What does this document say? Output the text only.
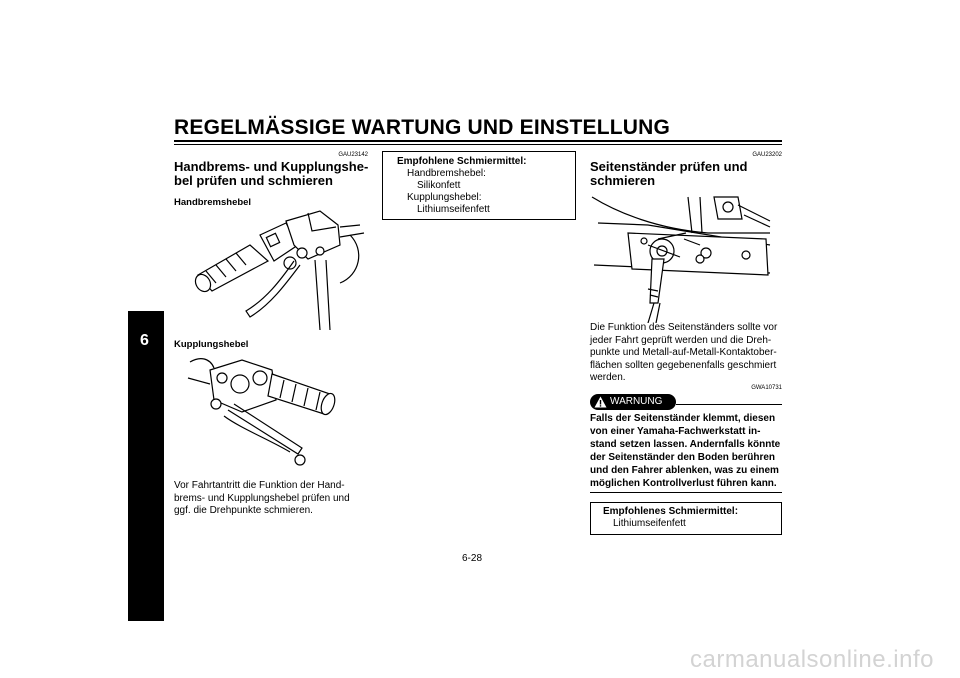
REGELMÄSSIGE WARTUNG UND EINSTELLUNG
6
GAU23142
Handbrems- und Kupplungshe-
bel prüfen und schmieren
Handbremshebel
Kupplungshebel
Vor Fahrtantritt die Funktion der Hand-
brems- und Kupplungshebel prüfen und
ggf. die Drehpunkte schmieren.
Empfohlene Schmiermittel:
Handbremshebel:
Silikonfett
Kupplungshebel:
Lithiumseifenfett
GAU23202
Seitenständer prüfen und
schmieren
Die Funktion des Seitenständers sollte vor
jeder Fahrt geprüft werden und die Dreh-
punkte und Metall-auf-Metall-Kontaktober-
flächen sollten gegebenenfalls geschmiert
werden.
GWA10731
WARNUNG
Falls der Seitenständer klemmt, diesen
von einer Yamaha-Fachwerkstatt in-
stand setzen lassen. Andernfalls könnte
der Seitenständer den Boden berühren
und den Fahrer ablenken, was zu einem
möglichen Kontrollverlust führen kann.
Empfohlenes Schmiermittel:
Lithiumseifenfett
6-28
carmanualsonline.info
